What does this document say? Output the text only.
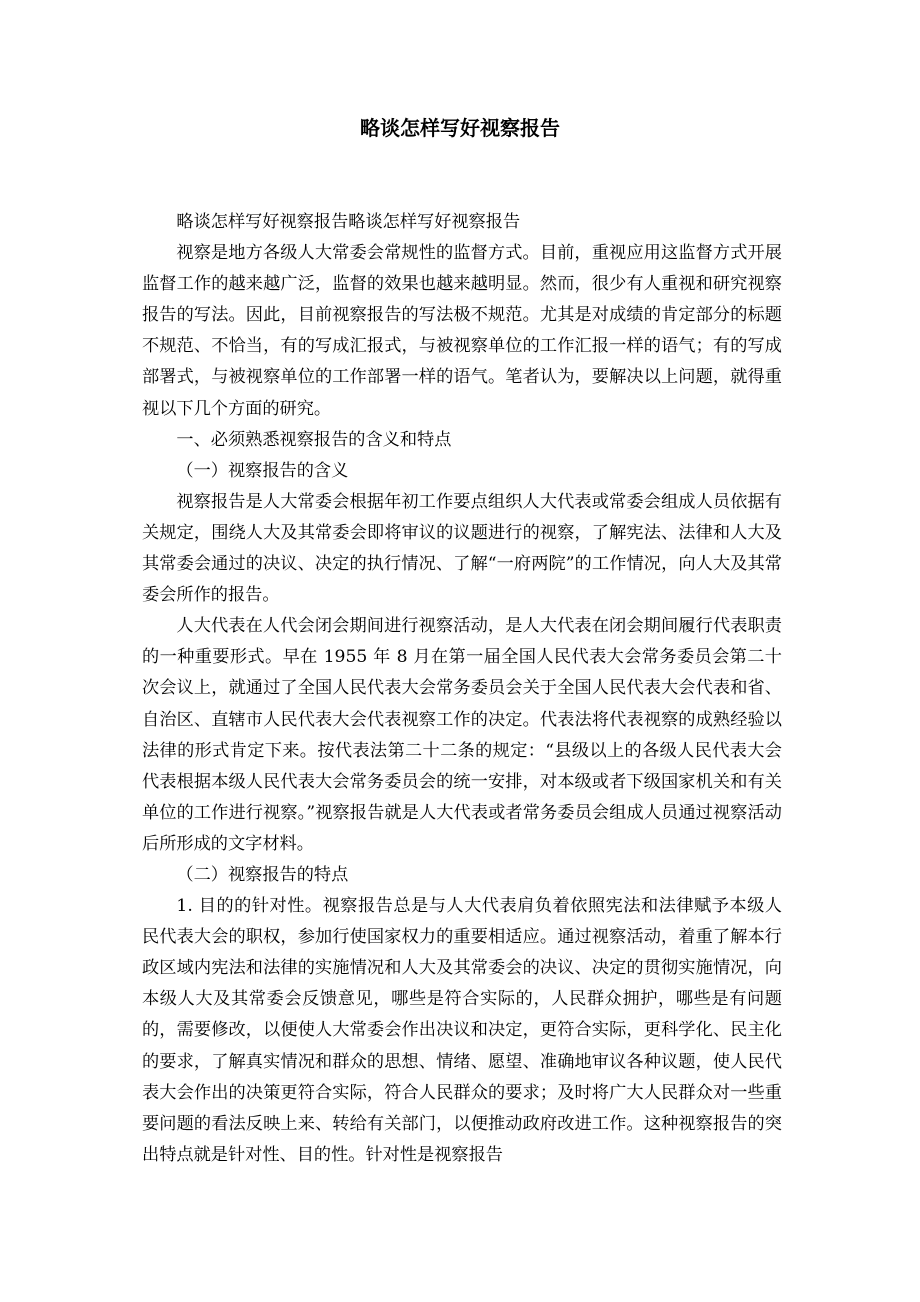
略谈怎样写好视察报告

略谈怎样写好视察报告略谈怎样写好视察报告

视察是地方各级人大常委会常规性的监督方式。目前，重视应用这监督方式开展监督工作的越来越广泛，监督的效果也越来越明显。然而，很少有人重视和研究视察报告的写法。因此，目前视察报告的写法极不规范。尤其是对成绩的肯定部分的标题不规范、不恰当，有的写成汇报式，与被视察单位的工作汇报一样的语气；有的写成部署式，与被视察单位的工作部署一样的语气。笔者认为，要解决以上问题，就得重视以下几个方面的研究。

一、必须熟悉视察报告的含义和特点

（一）视察报告的含义

视察报告是人大常委会根据年初工作要点组织人大代表或常委会组成人员依据有关规定，围绕人大及其常委会即将审议的议题进行的视察，了解宪法、法律和人大及其常委会通过的决议、决定的执行情况、了解“一府两院”的工作情况，向人大及其常委会所作的报告。

人大代表在人代会闭会期间进行视察活动，是人大代表在闭会期间履行代表职责的一种重要形式。早在 1955 年 8 月在第一届全国人民代表大会常务委员会第二十次会议上，就通过了全国人民代表大会常务委员会关于全国人民代表大会代表和省、自治区、直辖市人民代表大会代表视察工作的决定。代表法将代表视察的成熟经验以法律的形式肯定下来。按代表法第二十二条的规定：“县级以上的各级人民代表大会代表根据本级人民代表大会常务委员会的统一安排，对本级或者下级国家机关和有关单位的工作进行视察。”视察报告就是人大代表或者常务委员会组成人员通过视察活动后所形成的文字材料。

（二）视察报告的特点

1. 目的的针对性。视察报告总是与人大代表肩负着依照宪法和法律赋予本级人民代表大会的职权，参加行使国家权力的重要相适应。通过视察活动，着重了解本行政区域内宪法和法律的实施情况和人大及其常委会的决议、决定的贯彻实施情况，向本级人大及其常委会反馈意见，哪些是符合实际的，人民群众拥护，哪些是有问题的，需要修改，以便使人大常委会作出决议和决定，更符合实际，更科学化、民主化的要求，了解真实情况和群众的思想、情绪、愿望、准确地审议各种议题，使人民代表大会作出的决策更符合实际，符合人民群众的要求；及时将广大人民群众对一些重要问题的看法反映上来、转给有关部门，以便推动政府改进工作。这种视察报告的突出特点就是针对性、目的性。针对性是视察报告
